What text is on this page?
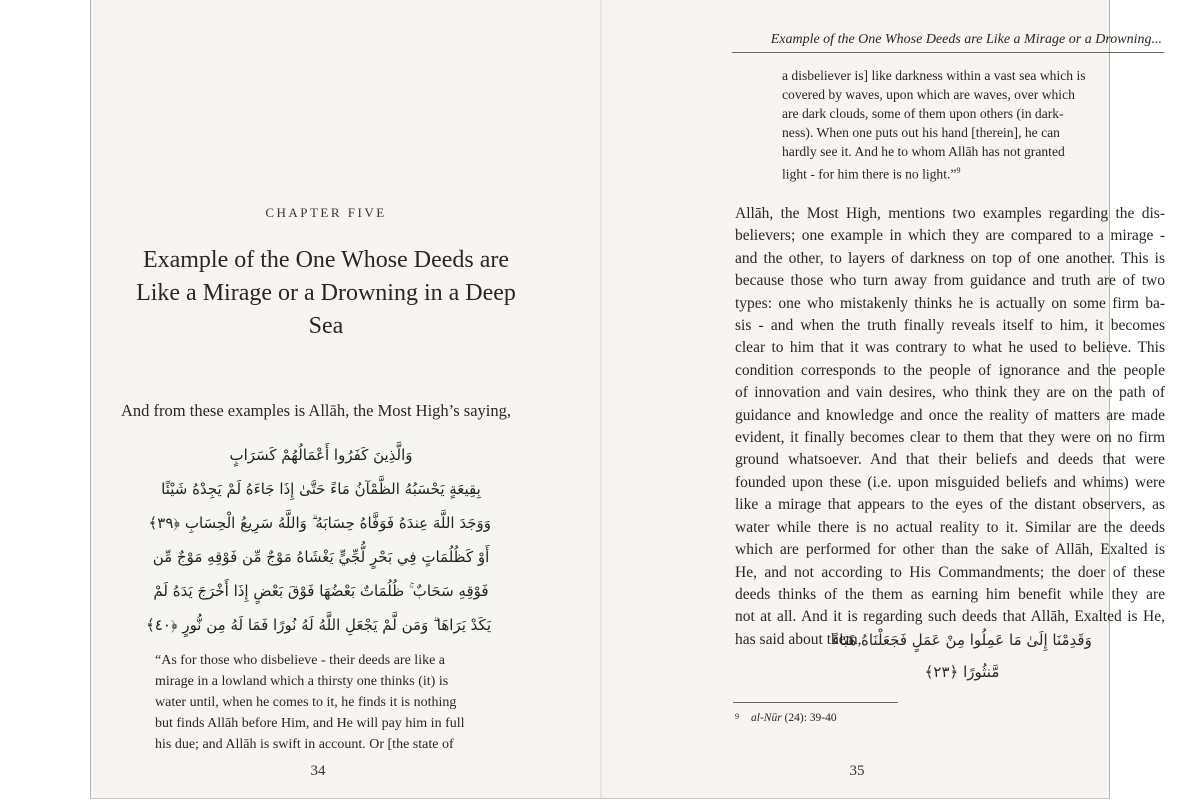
CHAPTER FIVE
Example of the One Whose Deeds are
Like a Mirage or a Drowning in a Deep
Sea
And from these examples is Allāh, the Most High’s saying,
وَالَّذِينَ كَفَرُوا أَعْمَالُهُمْ كَسَرَابٍ
بِقِيعَةٍ يَحْسَبُهُ الظَّمْآنُ مَاءً حَتَّىٰ إِذَا جَاءَهُ لَمْ يَجِدْهُ شَيْئًا
وَوَجَدَ اللَّهَ عِندَهُ فَوَفَّاهُ حِسَابَهُ ۗ وَاللَّهُ سَرِيعُ الْحِسَابِ ﴿٣٩﴾
أَوْ كَظُلُمَاتٍ فِي بَحْرٍ لُّجِّيٍّ يَغْشَاهُ مَوْجٌ مِّن فَوْقِهِ مَوْجٌ مِّن
فَوْقِهِ سَحَابٌ ۚ ظُلُمَاتٌ بَعْضُهَا فَوْقَ بَعْضٍ إِذَا أَخْرَجَ يَدَهُ لَمْ
يَكَدْ يَرَاهَا ۗ وَمَن لَّمْ يَجْعَلِ اللَّهُ لَهُ نُورًا فَمَا لَهُ مِن نُّورٍ ﴿٤٠﴾
“As for those who disbelieve - their deeds are like a
mirage in a lowland which a thirsty one thinks (it) is
water until, when he comes to it, he finds it is nothing
but finds Allāh before Him, and He will pay him in full
his due; and Allāh is swift in account. Or [the state of
34
Example of the One Whose Deeds are Like a Mirage or a Drowning...
a disbeliever is] like darkness within a vast sea which is
covered by waves, upon which are waves, over which
are dark clouds, some of them upon others (in dark-
ness). When one puts out his hand [therein], he can
hardly see it. And he to whom Allāh has not granted
light - for him there is no light.”$^9$
Allāh, the Most High, mentions two examples regarding the dis-
believers; one example in which they are compared to a mirage -
and the other, to layers of darkness on top of one another. This is
because those who turn away from guidance and truth are of two
types: one who mistakenly thinks he is actually on some firm ba-
sis - and when the truth finally reveals itself to him, it becomes
clear to him that it was contrary to what he used to believe. This
condition corresponds to the people of ignorance and the people
of innovation and vain desires, who think they are on the path of
guidance and knowledge and once the reality of matters are made
evident, it finally becomes clear to them that they were on no firm
ground whatsoever. And that their beliefs and deeds that were
founded upon these (i.e. upon misguided beliefs and whims) were
like a mirage that appears to the eyes of the distant observers, as
water while there is no actual reality to it. Similar are the deeds
which are performed for other than the sake of Allāh, Exalted is
He, and not according to His Commandments; the doer of these
deeds thinks of the them as earning him benefit while they are
not at all. And it is regarding such deeds that Allāh, Exalted is He,
has said about them,
وَقَدِمْنَا إِلَىٰ مَا عَمِلُوا مِنْ عَمَلٍ فَجَعَلْنَاهُ هَبَاءً
مَّنثُورًا ﴿٢٣﴾
$^9$ al-Nūr (24): 39-40
35
